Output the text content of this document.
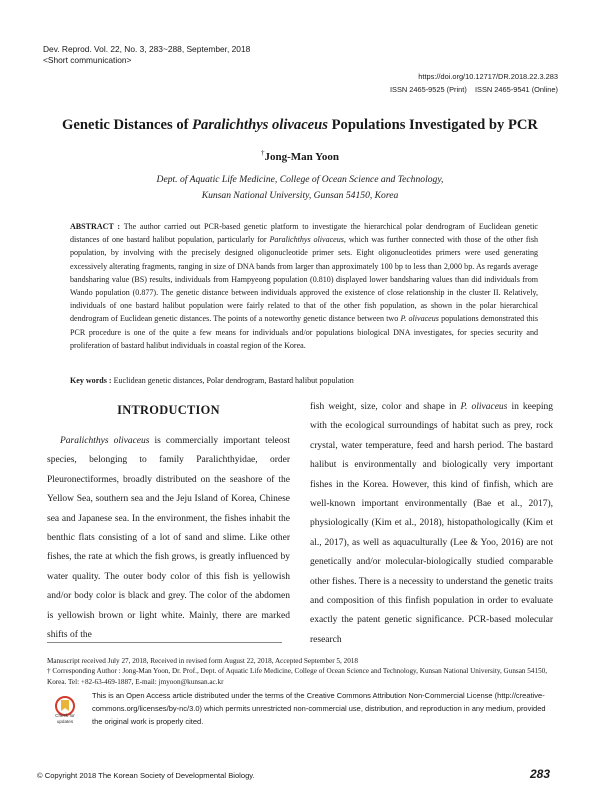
Dev. Reprod. Vol. 22, No. 3, 283~288, September, 2018
<Short communication>
https://doi.org/10.12717/DR.2018.22.3.283
ISSN 2465-9525 (Print)    ISSN 2465-9541 (Online)
Genetic Distances of Paralichthys olivaceus Populations Investigated by PCR
†Jong-Man Yoon
Dept. of Aquatic Life Medicine, College of Ocean Science and Technology,
Kunsan National University, Gunsan 54150, Korea
ABSTRACT : The author carried out PCR-based genetic platform to investigate the hierarchical polar dendrogram of Euclidean genetic distances of one bastard halibut population, particularly for Paralichthys olivaceus, which was further connected with those of the other fish population, by involving with the precisely designed oligonucleotide primer sets. Eight oligonucleotides primers were used generating excessively alterating fragments, ranging in size of DNA bands from larger than approximately 100 bp to less than 2,000 bp. As regards average bandsharing value (BS) results, individuals from Hampyeong population (0.810) displayed lower bandsharing values than did individuals from Wando population (0.877). The genetic distance between individuals approved the existence of close relationship in the cluster II. Relatively, individuals of one bastard halibut population were fairly related to that of the other fish population, as shown in the polar hierarchical dendrogram of Euclidean genetic distances. The points of a noteworthy genetic distance between two P. olivaceus populations demonstrated this PCR procedure is one of the quite a few means for individuals and/or populations biological DNA investigates, for species security and proliferation of bastard halibut individuals in coastal region of the Korea.
Key words : Euclidean genetic distances, Polar dendrogram, Bastard halibut population
INTRODUCTION

Paralichthys olivaceus is commercially important teleost species, belonging to family Paralichthyidae, order Pleuronectiformes, broadly distributed on the seashore of the Yellow Sea, southern sea and the Jeju Island of Korea, Chinese sea and Japanese sea. In the environment, the fishes inhabit the benthic flats consisting of a lot of sand and slime. Like other fishes, the rate at which the fish grows, is greatly influenced by water quality. The outer body color of this fish is yellowish and/or body color is black and grey. The color of the abdomen is yellowish brown or light white. Mainly, there are marked shifts of the

fish weight, size, color and shape in P. olivaceus in keeping with the ecological surroundings of habitat such as prey, rock crystal, water temperature, feed and harsh period. The bastard halibut is environmentally and biologically very important fishes in the Korea. However, this kind of finfish, which are well-known important environmentally (Bae et al., 2017), physiologically (Kim et al., 2018), histopathologically (Kim et al., 2017), as well as aquaculturally (Lee & Yoo, 2016) are not genetically and/or molecular-biologically studied comparable other fishes. There is a necessity to understand the genetic traits and composition of this finfish population in order to evaluate exactly the patent genetic significance. PCR-based molecular research

Manuscript received July 27, 2018, Received in revised form August 22, 2018, Accepted September 5, 2018
† Corresponding Author : Jong-Man Yoon, Dr. Prof., Dept. of Aquatic Life Medicine, College of Ocean Science and Technology, Kunsan National University, Gunsan 54150, Korea. Tel: +82-63-469-1887, E-mail: jmyoon@kunsan.ac.kr
Check for
updates
This is an Open Access article distributed under the terms of the Creative Commons Attribution Non-Commercial License (http://creative-commons.org/licenses/by-nc/3.0) which permits unrestricted non-commercial use, distribution, and reproduction in any medium, provided the original work is properly cited.
© Copyright 2018 The Korean Society of Developmental Biology.	283
